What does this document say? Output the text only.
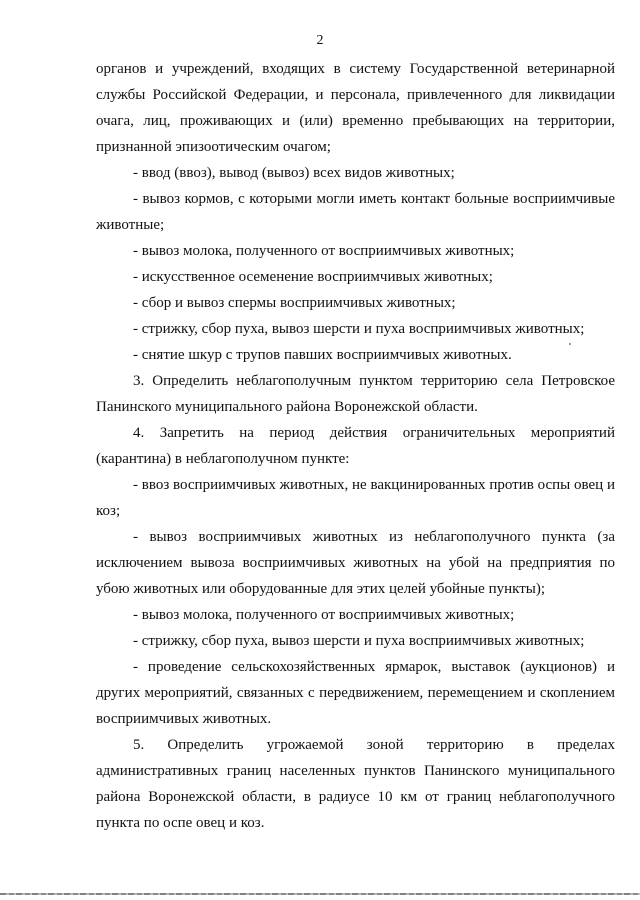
2

органов и учреждений, входящих в систему Государственной ветеринарной службы Российской Федерации, и персонала, привлеченного для ликвидации очага, лиц, проживающих и (или) временно пребывающих на территории, признанной эпизоотическим очагом;

- ввод (ввоз), вывод (вывоз) всех видов животных;

- вывоз кормов, с которыми могли иметь контакт больные восприимчивые животные;

- вывоз молока, полученного от восприимчивых животных;

- искусственное осеменение восприимчивых животных;

- сбор и вывоз спермы восприимчивых животных;

- стрижку, сбор пуха, вывоз шерсти и пуха восприимчивых животных;

- снятие шкур с трупов павших восприимчивых животных.

3. Определить неблагополучным пунктом территорию села Петровское Панинского муниципального района Воронежской области.

4. Запретить на период действия ограничительных мероприятий (карантина) в неблагополучном пункте:

- ввоз восприимчивых животных, не вакцинированных против оспы овец и коз;

- вывоз восприимчивых животных из неблагополучного пункта (за исключением вывоза восприимчивых животных на убой на предприятия по убою животных или оборудованные для этих целей убойные пункты);

- вывоз молока, полученного от восприимчивых животных;

- стрижку, сбор пуха, вывоз шерсти и пуха восприимчивых животных;

- проведение сельскохозяйственных ярмарок, выставок (аукционов) и других мероприятий, связанных с передвижением, перемещением и скоплением восприимчивых животных.

5. Определить угрожаемой зоной территорию в пределах административных границ населенных пунктов Панинского муниципального района Воронежской области, в радиусе 10 км от границ неблагополучного пункта по оспе овец и коз.
